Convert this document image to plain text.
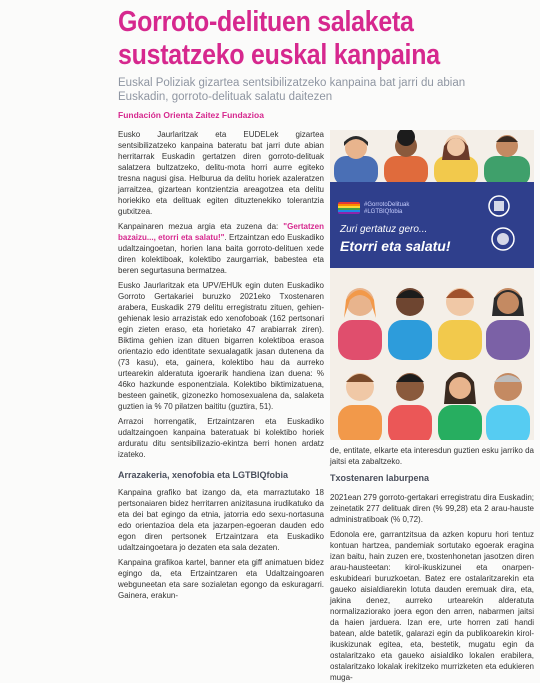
Gorroto-delituen salaketa
sustatzeko euskal kanpaina
Euskal Poliziak gizartea sentsibilizatzeko kanpaina bat jarri du abian
Euskadin, gorroto-delituak salatu daitezen

Fundación Orienta Zaitez Fundazioa

Eusko Jaurlaritzak eta EUDELek gizartea sentsibilizatzeko kanpaina bateratu bat jarri dute abian herritarrak Euskadin gertatzen diren gorroto-delituak salatzera bultzatzeko, delitu-mota horri aurre egiteko tresna nagusi gisa. Helburua da delitu horiek azaleratzen jarraitzea, gizartean kontzientzia areagotzea eta delitu horiekiko eta delituak egiten dituztenekiko tolerantzia gutxitzea.

Kanpainaren mezua argia eta zuzena da: "Gertatzen bazaizu..., etorri eta salatu!". Ertzaintzan edo Euskadiko udaltzaingoetan, horien lana baita gorroto-delituen xede diren kolektiboak, kolektibo zaurgarriak, babestea eta beren segurtasuna bermatzea.

Eusko Jaurlaritzak eta UPV/EHUk egin duten Euskadiko Gorroto Gertakariei buruzko 2021eko Txostenaren arabera, Euskadik 279 delitu erregistratu zituen, gehien-gehienak lesio arrazistak edo xenofoboak (162 pertsonari egin zieten eraso, eta horietako 47 arabiarrak ziren). Biktima gehien izan dituen bigarren kolektiboa erasoa orientazio edo identitate sexualagatik jasan dutenena da (73 kasu), eta, gainera, kolektibo hau da aurreko urtearekin alderatuta igoerarik handiena izan duena: % 46ko hazkunde esponentziala. Kolektibo biktimizatuena, besteen gainetik, gizonezko homosexualena da, salaketa guztien ia % 70 pilatzen baititu (guztira, 51).

Arrazoi horrengatik, Ertzaintzaren eta Euskadiko udaltzaingoen kanpaina bateratuak bi kolektibo horiek arduratu ditu sentsibilizazio-ekintza berri honen ardatz izateko.

Arrazakeria, xenofobia eta LGTBIQfobia

Kanpaina grafiko bat izango da, eta marraztutako 18 pertsonaiaren bidez herritarren anizitasuna irudikatuko da eta dei bat egingo da etnia, jatorria edo sexu-nortasuna edo orientazioa dela eta jazarpen-egoeran dauden edo egon diren pertsonek Ertzaintzara eta Euskadiko udaltzaingoetara jo dezaten eta sala dezaten.

Kanpaina grafikoa kartel, banner eta giff animatuen bidez egingo da, eta Ertzaintzaren eta Udaltzaingoaren webguneetan eta sare sozialetan egongo da eskuragarri. Gainera, erakun-

#GorrotoDelituak
#LGTBIQfobia
Zuri gertatuz gero...
Etorri eta salatu!

de, entitate, elkarte eta interesdun guztien esku jarriko da jaitsi eta zabaltzeko.

Txostenaren laburpena

2021ean 279 gorroto-gertakari erregistratu dira Euskadin; zeinetatik 277 delituak diren (% 99,28) eta 2 arau-hauste administratiboak (% 0,72).

Edonola ere, garrantzitsua da azken kopuru hori tentuz kontuan hartzea, pandemiak sortutako egoerak eragina izan baitu, hain zuzen ere, txostenhonetan jasotzen diren arau-hausteetan: kirol-ikuskizunei eta onarpen-eskubideari buruzkoetan. Batez ere ostalaritzarekin eta gaueko aisialdiarekin lotuta dauden eremuak dira, eta, jakina denez, aurreko urtearekin alderatuta normalizaziorako joera egon den arren, nabarmen jaitsi da haien jarduera. Izan ere, urte horren zati handi batean, alde batetik, galarazi egin da publikoarekin kirol-ikuskizunak egitea, eta, bestetik, mugatu egin da ostalaritzako eta gaueko aisialdiko lokalen erabilera, ostalaritzako lokalak irekitzeko murrizketen eta edukieren muga-
